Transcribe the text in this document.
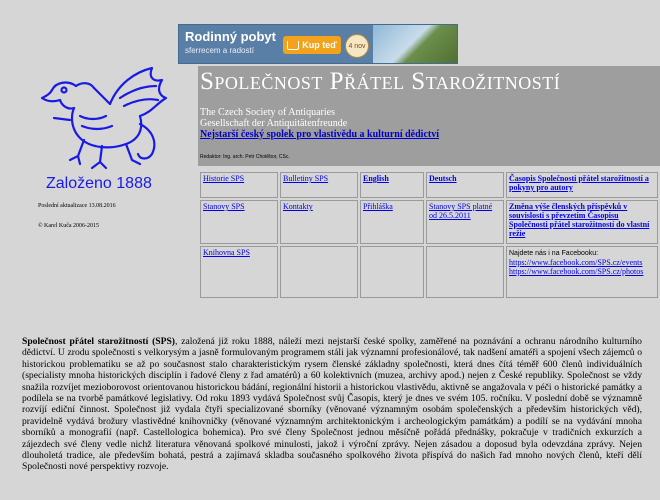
Rodinný pobyt
sferrecem a radostí
Kup teď	4 nov
Založeno 1888
Poslední aktualizace 13.08.2016
© Karel Kuča 2006-2015
Společnost Přátel Starožitností
The Czech Society of Antiquaries
Gesellschaft der Antiquitätenfreunde
Nejstarší český spolek pro vlastivědu a kulturní dědictví
Redaktor: Ing. arch. Petr Chotěbor, CSc.
Historie SPS	Bulletiny SPS	English	Deutsch	Časopis Společnosti přátel starožitností a pokyny pro autory
Stanovy SPS	Kontakty	Přihláška	Stanovy SPS platné od 26.5.2011	Změna výše členských příspěvků v souvislosti s převzetím Časopisu Společnosti přátel starožitností do vlastní režie
Knihovna SPS				Najdete nás i na Facebooku:
https://www.facebook.com/SPS.cz/events
https://www.facebook.com/SPS.cz/photos
Společnost přátel starožitností (SPS), založená již roku 1888, náleží mezi nejstarší české spolky, zaměřené na poznávání a ochranu národního kulturního dědictví. U zrodu společnosti s velkorysým a jasně formulovaným programem stáli jak významní profesionálové, tak nadšení amatéři a spojení všech zájemců o historickou problematiku se až po současnost stalo charakteristickým rysem členské základny společnosti, která dnes čítá téměř 600 členů individuálních (specialisty mnoha historických disciplín i řadové členy z řad amatérů) a 60 kolektivních (muzea, archivy apod.) nejen z České republiky. Společnost se vždy snažila rozvíjet mezioborovost orientovanou historickou bádání, regionální historii a historickou vlastivědu, aktivně se angažovala v péči o historické památky a podílela se na tvorbě památkové legislativy. Od roku 1893 vydává Společnost svůj Časopis, který je dnes ve svém 105. ročníku. V poslední době se významně rozvíjí ediční činnost. Společnost již vydala čtyři specializované sborníky (věnované významným osobám společenských a především historických věd), pravidelně vydává brožury vlastivědné knihovničky (věnované významným architektonickým i archeologickým památkám) a podílí se na vydávání mnoha sborníků a monografií (např. Castellologica bohemica). Pro své členy Společnost jednou měsíčně pořádá přednášky, pokračuje v tradičních exkurzích a zájezdech své členy vedle nichž literatura věnovaná spolkové minulosti, jakož i výroční zprávy. Nejen zásadou a doposud byla odevzdána zprávy. Nejen dlouholetá tradice, ale především bohatá, pestrá a zajímavá skladba současného spolkového života přispívá do našich řad mnoho nových členů, kteří dělí Společnosti nové perspektivy rozvoje.
